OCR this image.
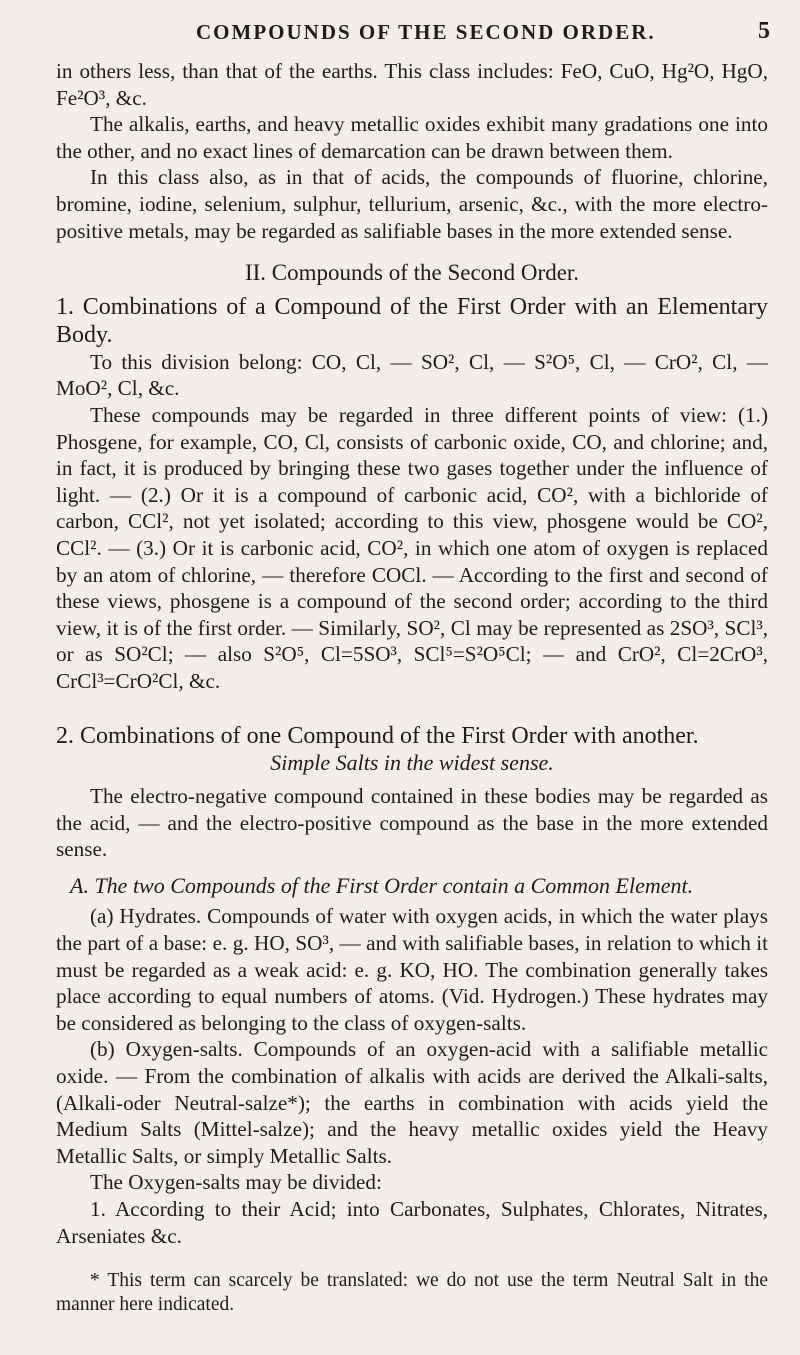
COMPOUNDS OF THE SECOND ORDER.	5

in others less, than that of the earths. This class includes: FeO, CuO, Hg²O, HgO, Fe²O³, &c.

The alkalis, earths, and heavy metallic oxides exhibit many gradations one into the other, and no exact lines of demarcation can be drawn between them.

In this class also, as in that of acids, the compounds of fluorine, chlorine, bromine, iodine, selenium, sulphur, tellurium, arsenic, &c., with the more electro-positive metals, may be regarded as salifiable bases in the more extended sense.

II. Compounds of the Second Order.

1. Combinations of a Compound of the First Order with an Elementary Body.

To this division belong: CO, Cl, — SO², Cl, — S²O⁵, Cl, — CrO², Cl, — MoO², Cl, &c.

These compounds may be regarded in three different points of view: (1.) Phosgene, for example, CO, Cl, consists of carbonic oxide, CO, and chlorine; and, in fact, it is produced by bringing these two gases together under the influence of light. — (2.) Or it is a compound of carbonic acid, CO², with a bichloride of carbon, CCl², not yet isolated; according to this view, phosgene would be CO², CCl². — (3.) Or it is carbonic acid, CO², in which one atom of oxygen is replaced by an atom of chlorine, — therefore COCl. — According to the first and second of these views, phosgene is a compound of the second order; according to the third view, it is of the first order. — Similarly, SO², Cl may be represented as 2SO³, SCl³, or as SO²Cl; — also S²O⁵, Cl=5SO³, SCl⁵=S²O⁵Cl; — and CrO², Cl=2CrO³, CrCl³=CrO²Cl, &c.

2. Combinations of one Compound of the First Order with another.

Simple Salts in the widest sense.

The electro-negative compound contained in these bodies may be regarded as the acid, — and the electro-positive compound as the base in the more extended sense.

A. The two Compounds of the First Order contain a Common Element.

(a) Hydrates. Compounds of water with oxygen acids, in which the water plays the part of a base: e. g. HO, SO³, — and with salifiable bases, in relation to which it must be regarded as a weak acid: e. g. KO, HO. The combination generally takes place according to equal numbers of atoms. (Vid. Hydrogen.) These hydrates may be considered as belonging to the class of oxygen-salts.

(b) Oxygen-salts. Compounds of an oxygen-acid with a salifiable metallic oxide. — From the combination of alkalis with acids are derived the Alkali-salts, (Alkali-oder Neutral-salze*); the earths in combination with acids yield the Medium Salts (Mittel-salze); and the heavy metallic oxides yield the Heavy Metallic Salts, or simply Metallic Salts.

The Oxygen-salts may be divided:

1. According to their Acid; into Carbonates, Sulphates, Chlorates, Nitrates, Arseniates &c.

* This term can scarcely be translated: we do not use the term Neutral Salt in the manner here indicated.
